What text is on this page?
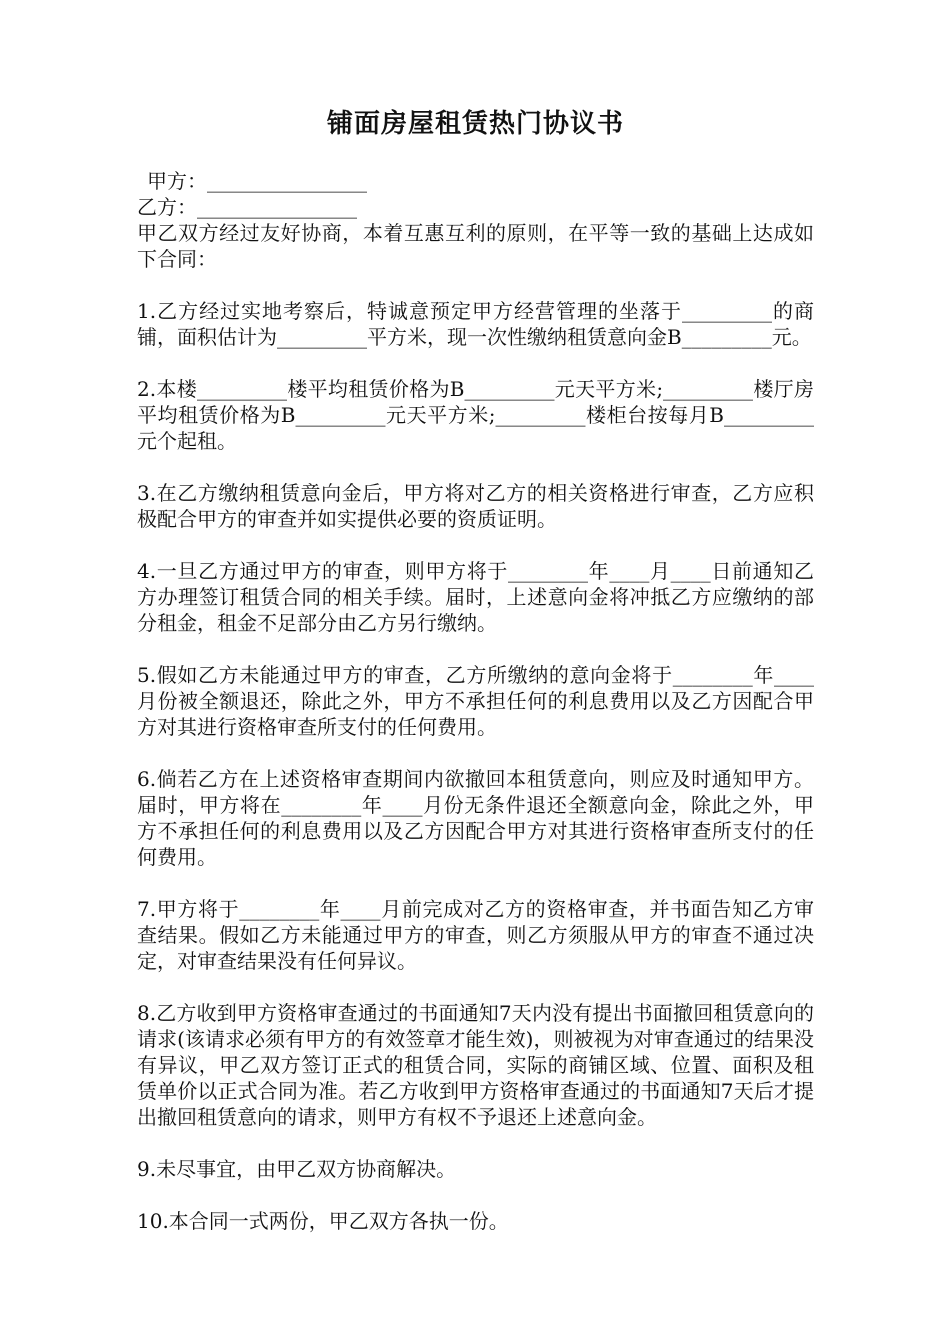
铺面房屋租赁热门协议书
甲方：________________
乙方：________________
甲乙双方经过友好协商，本着互惠互利的原则，在平等一致的基础上达成如下合同：
1.乙方经过实地考察后，特诚意预定甲方经营管理的坐落于_________的商铺，面积估计为_________平方米，现一次性缴纳租赁意向金B_________元。
2.本楼_________楼平均租赁价格为B_________元天平方米;_________楼厅房平均租赁价格为B_________元天平方米;_________楼柜台按每月B_________元个起租。
3.在乙方缴纳租赁意向金后，甲方将对乙方的相关资格进行审查，乙方应积极配合甲方的审查并如实提供必要的资质证明。
4.一旦乙方通过甲方的审查，则甲方将于________年____月____日前通知乙方办理签订租赁合同的相关手续。届时，上述意向金将冲抵乙方应缴纳的部分租金，租金不足部分由乙方另行缴纳。
5.假如乙方未能通过甲方的审查，乙方所缴纳的意向金将于________年____月份被全额退还，除此之外，甲方不承担任何的利息费用以及乙方因配合甲方对其进行资格审查所支付的任何费用。
6.倘若乙方在上述资格审查期间内欲撤回本租赁意向，则应及时通知甲方。届时，甲方将在________年____月份无条件退还全额意向金，除此之外，甲方不承担任何的利息费用以及乙方因配合甲方对其进行资格审查所支付的任何费用。
7.甲方将于________年____月前完成对乙方的资格审查，并书面告知乙方审查结果。假如乙方未能通过甲方的审查，则乙方须服从甲方的审查不通过决定，对审查结果没有任何异议。
8.乙方收到甲方资格审查通过的书面通知7天内没有提出书面撤回租赁意向的请求(该请求必须有甲方的有效签章才能生效)，则被视为对审查通过的结果没有异议，甲乙双方签订正式的租赁合同，实际的商铺区域、位置、面积及租赁单价以正式合同为准。若乙方收到甲方资格审查通过的书面通知7天后才提出撤回租赁意向的请求，则甲方有权不予退还上述意向金。
9.未尽事宜，由甲乙双方协商解决。
10.本合同一式两份，甲乙双方各执一份。
